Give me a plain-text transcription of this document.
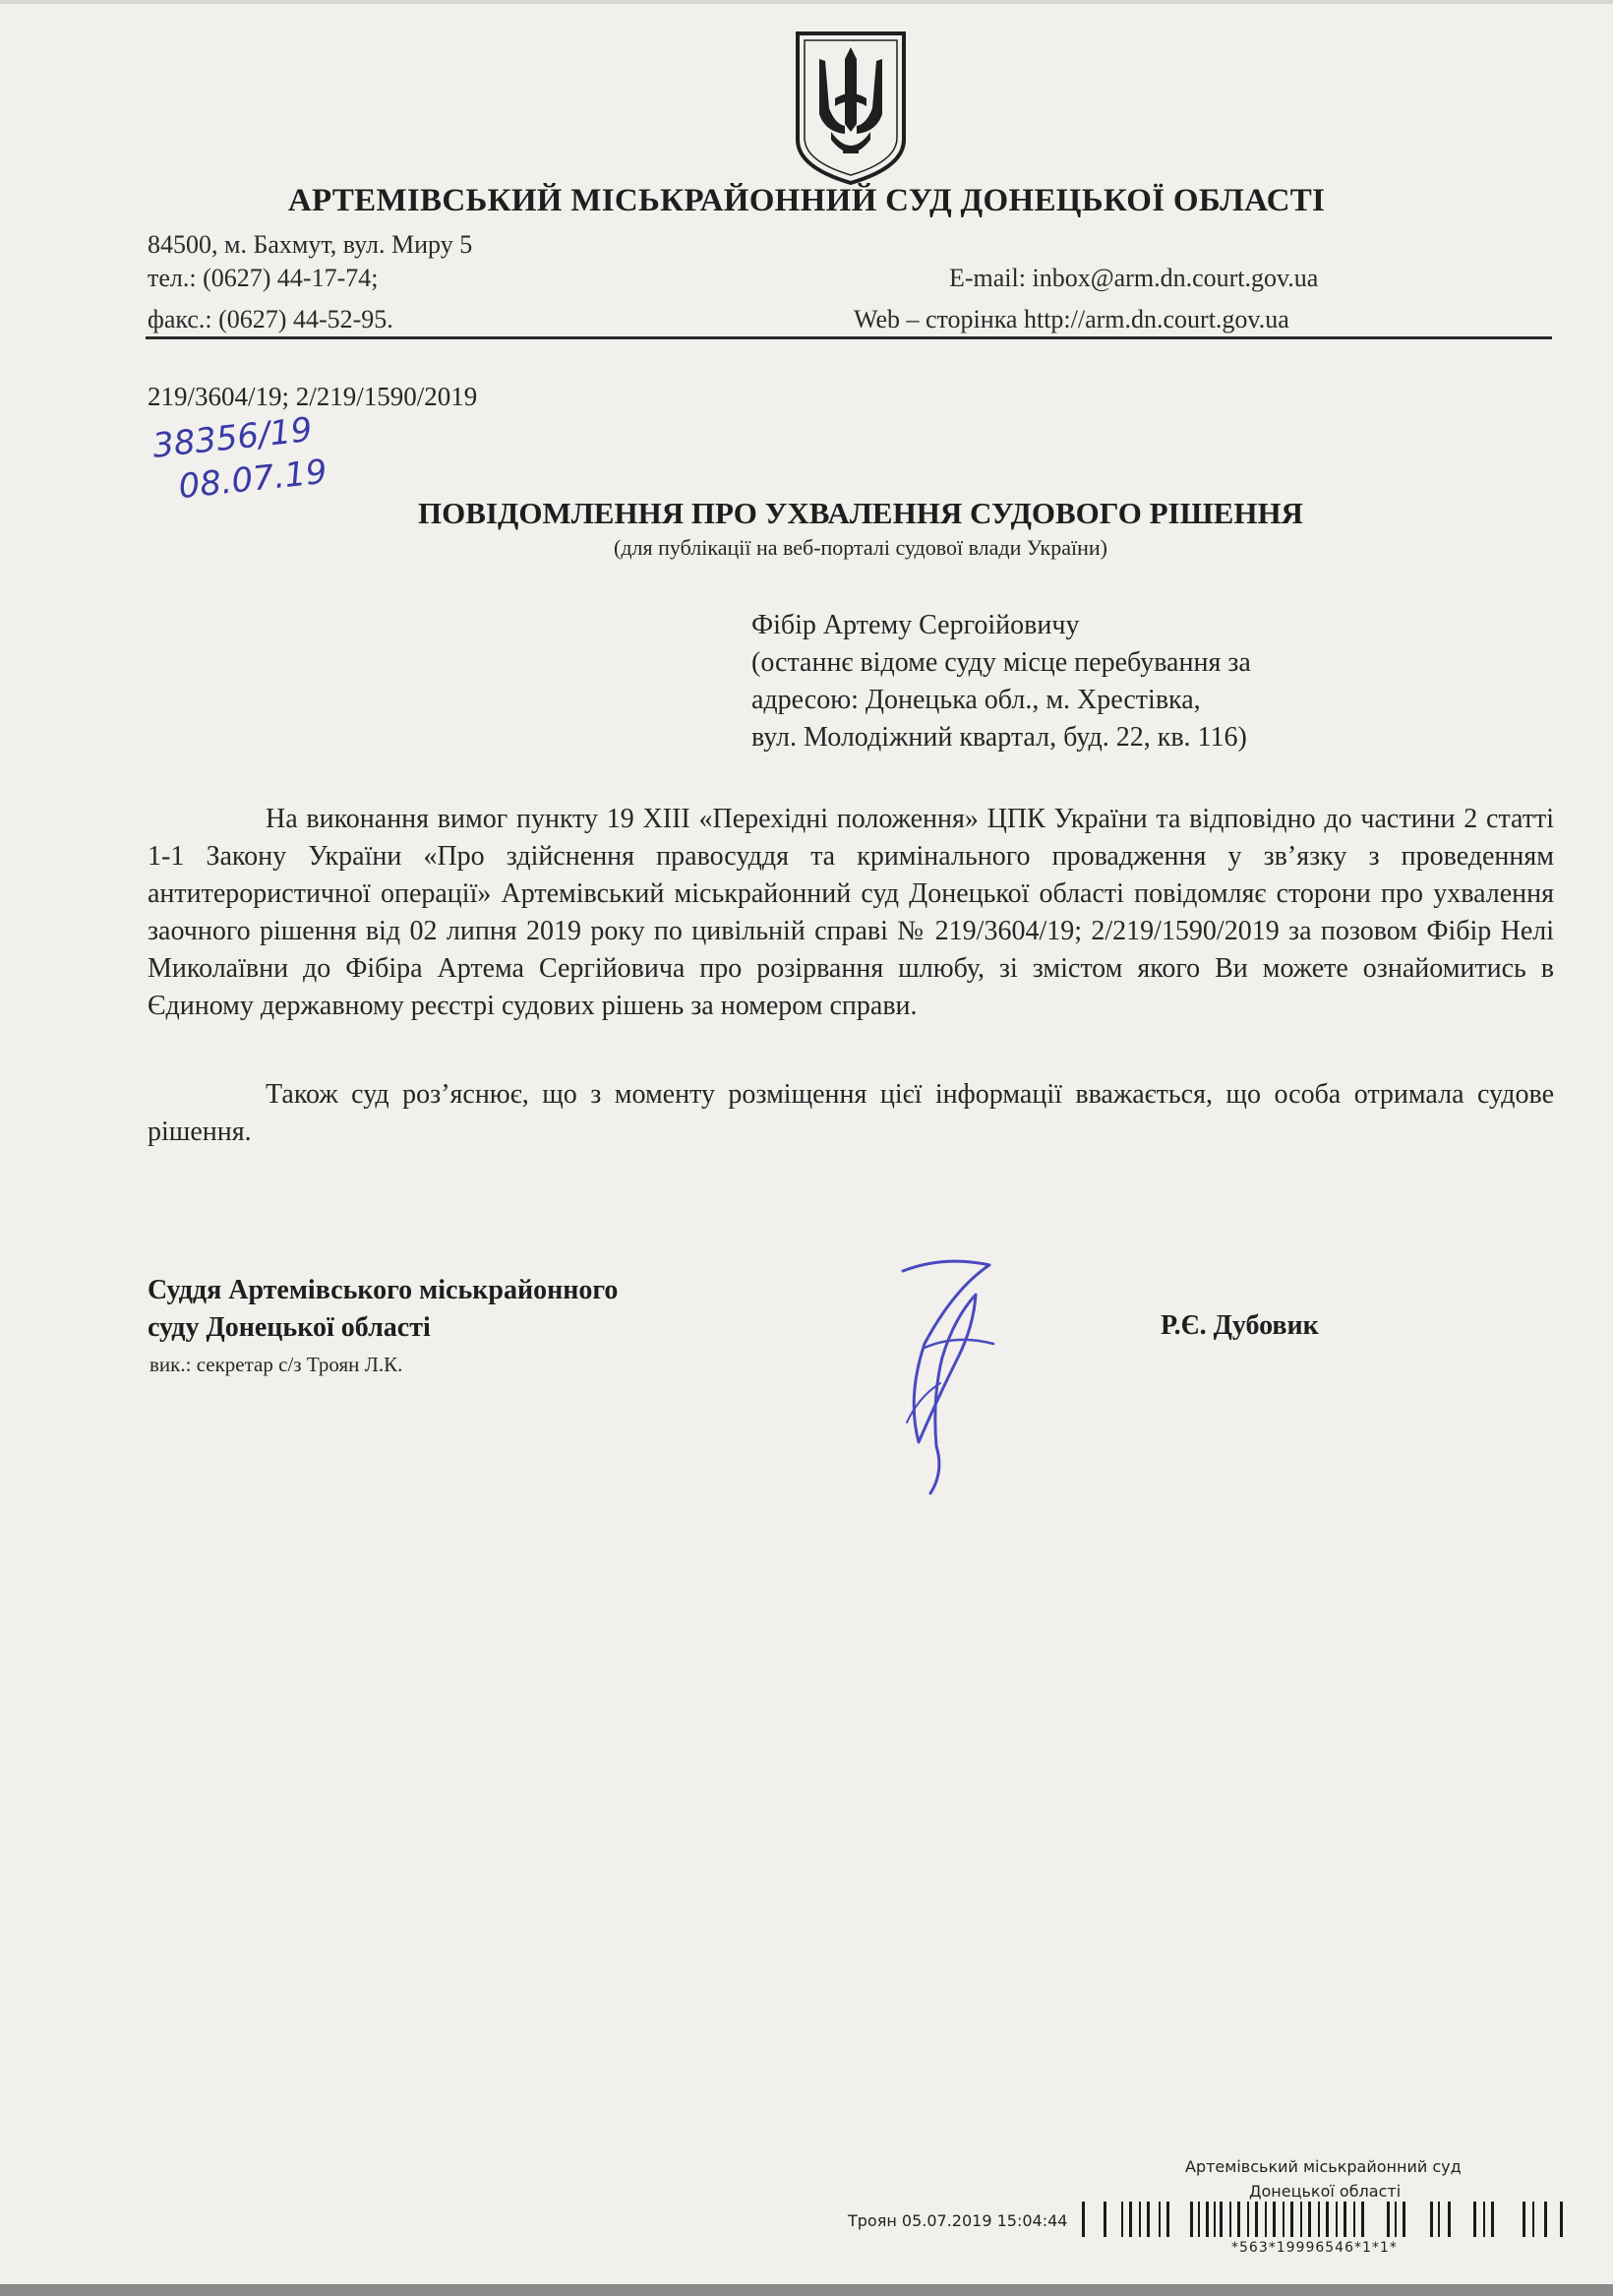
АРТЕМІВСЬКИЙ МІСЬКРАЙОННИЙ СУД ДОНЕЦЬКОЇ ОБЛАСТІ
84500, м. Бахмут, вул. Миру 5
тел.: (0627) 44-17-74;	E-mail: inbox@arm.dn.court.gov.ua
факс.: (0627) 44-52-95.	Web – сторінка http://arm.dn.court.gov.ua
219/3604/19; 2/219/1590/2019
38356/19
08.07.19
ПОВІДОМЛЕННЯ ПРО УХВАЛЕННЯ СУДОВОГО РІШЕННЯ
(для публікації на веб-порталі судової влади України)
Фібір Артему Сергоійовичу
(останнє відоме суду місце перебування за
адресою: Донецька обл., м. Хрестівка,
вул. Молодіжний квартал, буд. 22, кв. 116)
На виконання вимог пункту 19 ХIII «Перехідні положення» ЦПК України та відповідно до частини 2 статті 1-1 Закону України «Про здійснення правосуддя та кримінального провадження у зв’язку з проведенням антитерористичної операції» Артемівський міськрайонний суд Донецької області повідомляє сторони про ухвалення заочного рішення від 02 липня 2019 року по цивільній справі № 219/3604/19; 2/219/1590/2019 за позовом Фібір Нелі Миколаївни до Фібіра Артема Сергійовича про розірвання шлюбу, зі змістом якого Ви можете ознайомитись в Єдиному державному реєстрі судових рішень за номером справи.
Також суд роз’яснює, що з моменту розміщення цієї інформації вважається, що особа отримала судове рішення.
Суддя Артемівського міськрайонного
суду Донецької області
вик.: секретар с/з Троян Л.К.
Р.Є. Дубовик
Артемівський міськрайонний суд
Донецької області
Троян 05.07.2019 15:04:44
*563*19996546*1*1*
